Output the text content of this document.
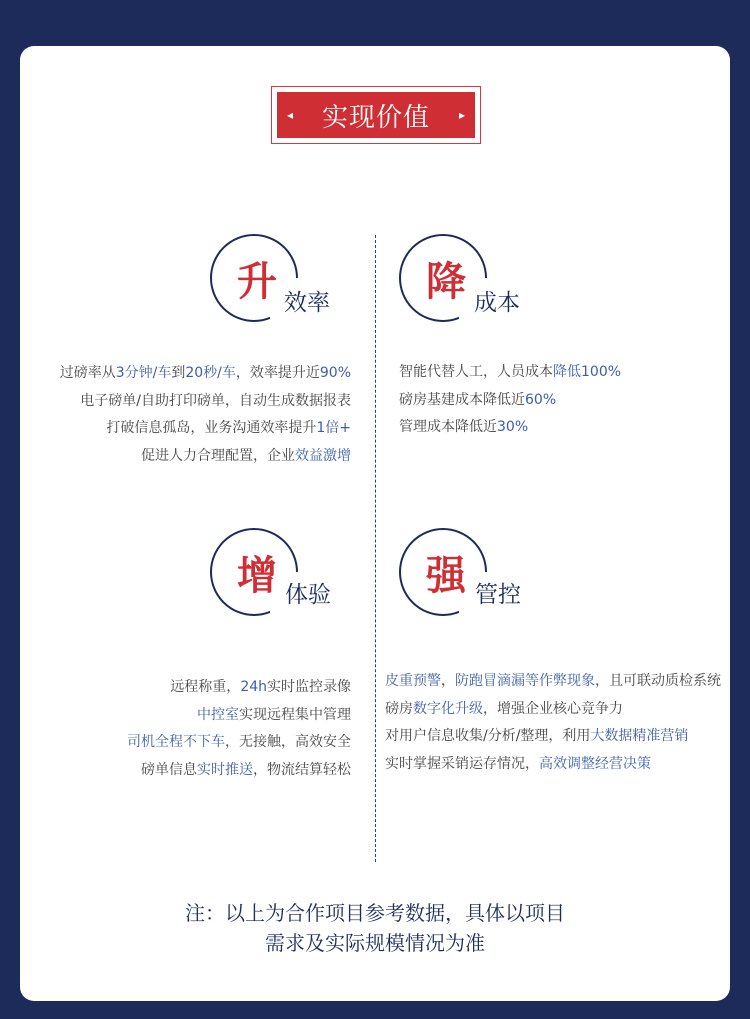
◂ 实现价值 ▸
升 效率
过磅率从3分钟/车到20秒/车，效率提升近90%
电子磅单/自助打印磅单，自动生成数据报表
打破信息孤岛，业务沟通效率提升1倍+
促进人力合理配置，企业效益激增
降 成本
智能代替人工，人员成本降低100%
磅房基建成本降低近60%
管理成本降低近30%
增 体验
远程称重，24h实时监控录像
中控室实现远程集中管理
司机全程不下车，无接触，高效安全
磅单信息实时推送，物流结算轻松
强 管控
皮重预警，防跑冒滴漏等作弊现象，且可联动质检系统
磅房数字化升级，增强企业核心竞争力
对用户信息收集/分析/整理，利用大数据精准营销
实时掌握采销运存情况，高效调整经营决策
注：以上为合作项目参考数据，具体以项目
需求及实际规模情况为准
